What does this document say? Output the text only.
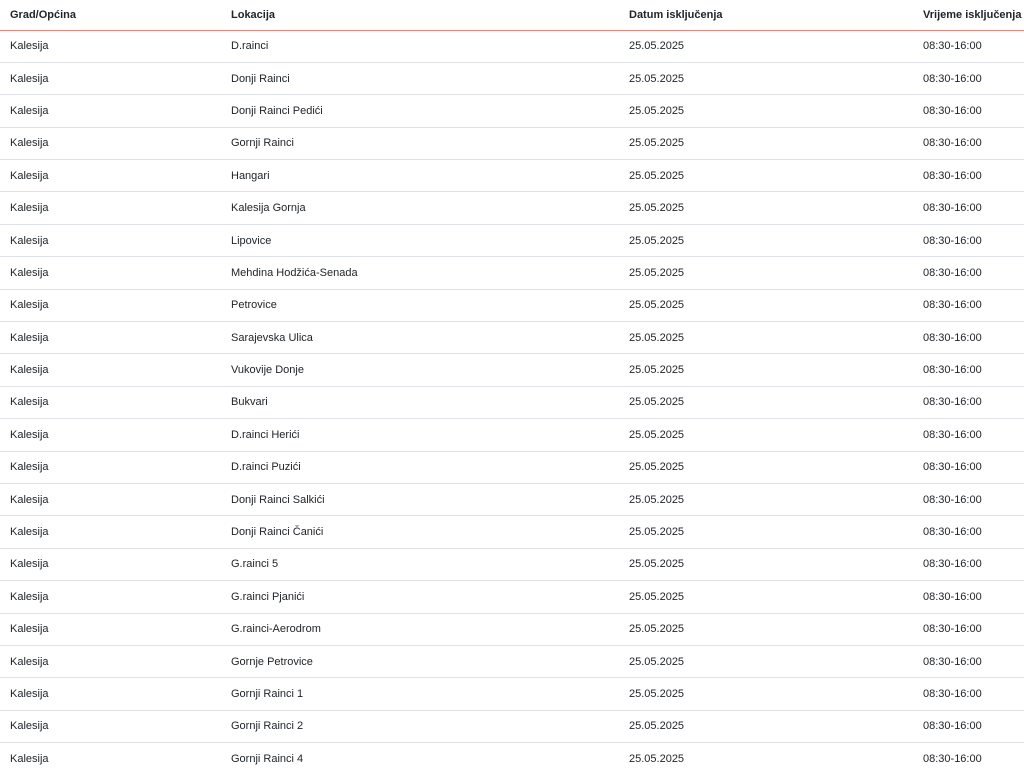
Grad/Općina	Lokacija	Datum isključenja	Vrijeme isključenja
Kalesija	D.rainci	25.05.2025	08:30-16:00
Kalesija	Donji Rainci	25.05.2025	08:30-16:00
Kalesija	Donji Rainci Pedići	25.05.2025	08:30-16:00
Kalesija	Gornji Rainci	25.05.2025	08:30-16:00
Kalesija	Hangari	25.05.2025	08:30-16:00
Kalesija	Kalesija Gornja	25.05.2025	08:30-16:00
Kalesija	Lipovice	25.05.2025	08:30-16:00
Kalesija	Mehdina Hodžića-Senada	25.05.2025	08:30-16:00
Kalesija	Petrovice	25.05.2025	08:30-16:00
Kalesija	Sarajevska Ulica	25.05.2025	08:30-16:00
Kalesija	Vukovije Donje	25.05.2025	08:30-16:00
Kalesija	Bukvari	25.05.2025	08:30-16:00
Kalesija	D.rainci Herići	25.05.2025	08:30-16:00
Kalesija	D.rainci Puzići	25.05.2025	08:30-16:00
Kalesija	Donji Rainci Salkići	25.05.2025	08:30-16:00
Kalesija	Donji Rainci Čanići	25.05.2025	08:30-16:00
Kalesija	G.rainci 5	25.05.2025	08:30-16:00
Kalesija	G.rainci Pjanići	25.05.2025	08:30-16:00
Kalesija	G.rainci-Aerodrom	25.05.2025	08:30-16:00
Kalesija	Gornje Petrovice	25.05.2025	08:30-16:00
Kalesija	Gornji Rainci 1	25.05.2025	08:30-16:00
Kalesija	Gornji Rainci 2	25.05.2025	08:30-16:00
Kalesija	Gornji Rainci 4	25.05.2025	08:30-16:00
